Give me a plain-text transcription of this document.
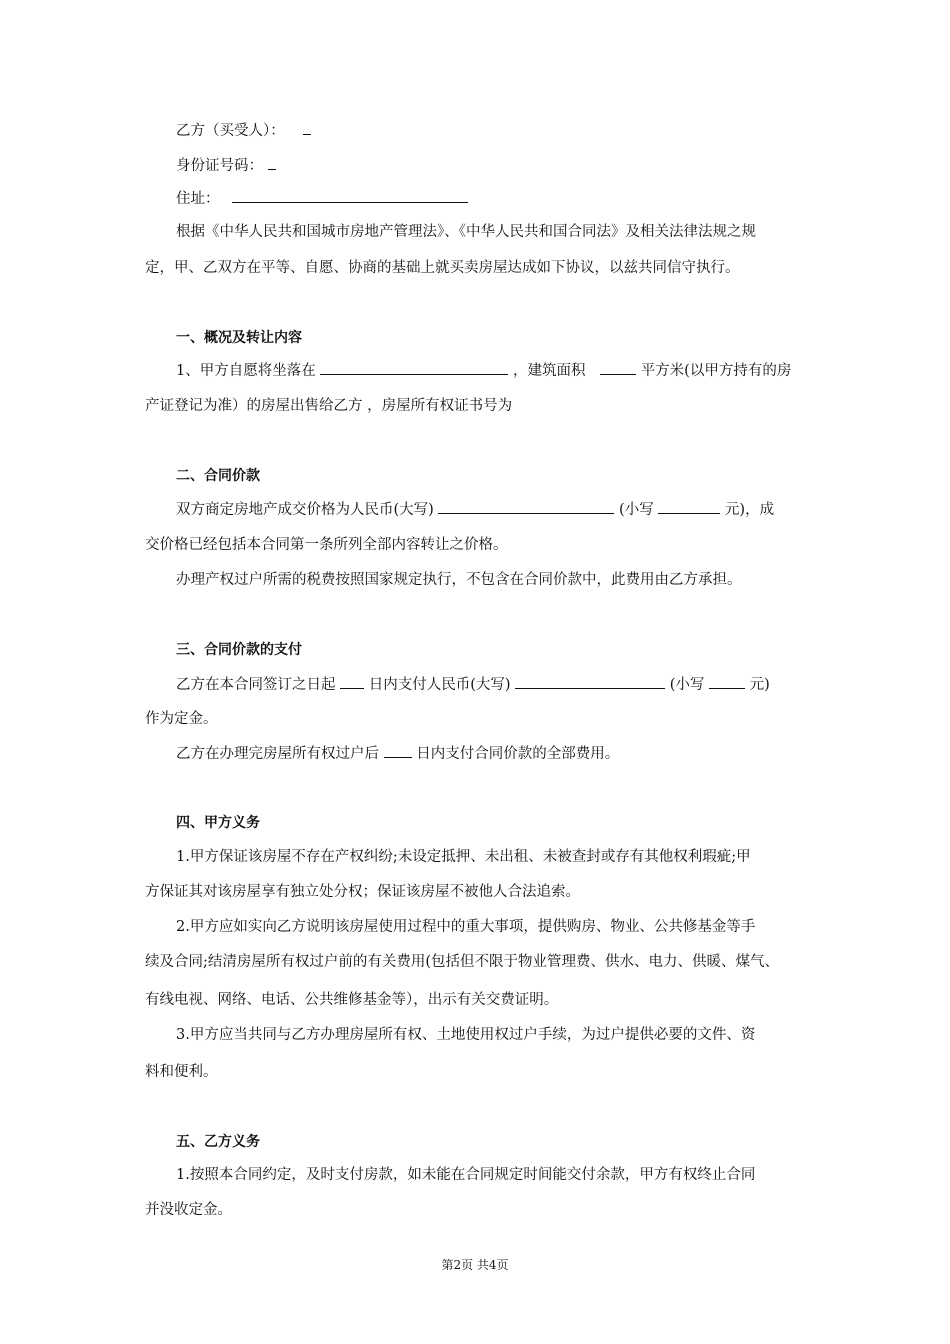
乙方（买受人）：
身份证号码：
住址：
根据《中华人民共和国城市房地产管理法》、《中华人民共和国合同法》及相关法律法规之规
定，甲、乙双方在平等、自愿、协商的基础上就买卖房屋达成如下协议，以兹共同信守执行。
一、概况及转让内容
1、甲方自愿将坐落在	，建筑面积	平方米(以甲方持有的房
产证登记为准）的房屋出售给乙方 ，房屋所有权证书号为
二、合同价款
双方商定房地产成交价格为人民币(大写)	(小写	元)，成
交价格已经包括本合同第一条所列全部内容转让之价格。
办理产权过户所需的税费按照国家规定执行，不包含在合同价款中，此费用由乙方承担。
三、合同价款的支付
乙方在本合同签订之日起 日内支付人民币(大写)	(小写	元)
作为定金。
乙方在办理完房屋所有权过户后	日内支付合同价款的全部费用。
四、甲方义务
1.甲方保证该房屋不存在产权纠纷;未设定抵押、未出租、未被查封或存有其他权利瑕疵;甲
方保证其对该房屋享有独立处分权；保证该房屋不被他人合法追索。
2.甲方应如实向乙方说明该房屋使用过程中的重大事项，提供购房、物业、公共修基金等手
续及合同;结清房屋所有权过户前的有关费用(包括但不限于物业管理费、供水、电力、供暖、煤气、
有线电视、网络、电话、公共维修基金等），出示有关交费证明。
3.甲方应当共同与乙方办理房屋所有权、土地使用权过户手续，为过户提供必要的文件、资
料和便利。
五、乙方义务
1.按照本合同约定，及时支付房款，如未能在合同规定时间能交付余款，甲方有权终止合同
并没收定金。
第2页 共4页
